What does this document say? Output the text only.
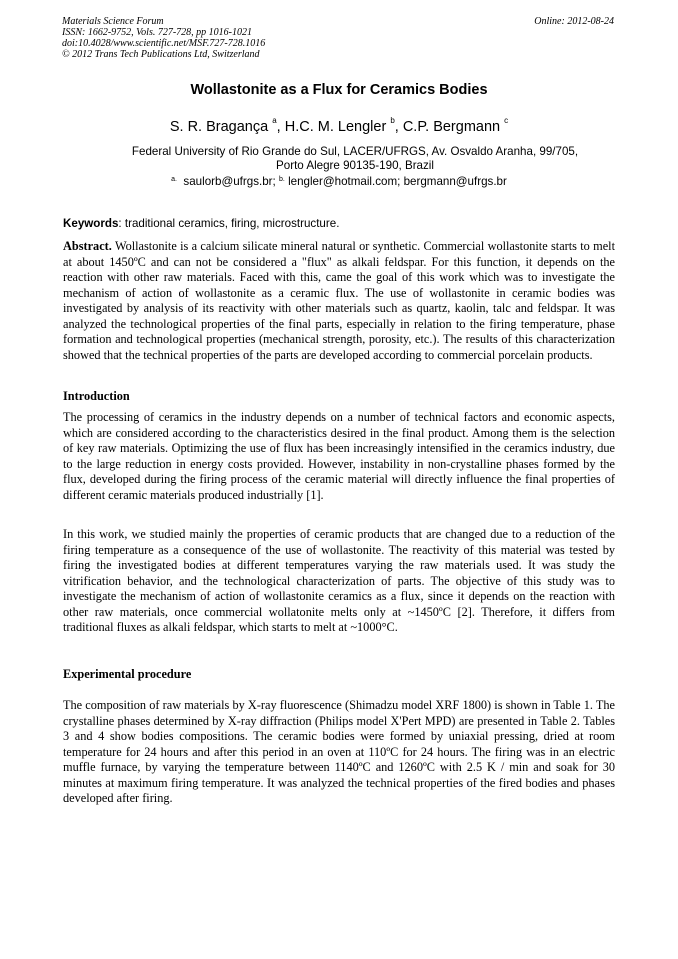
Materials Science Forum
ISSN: 1662-9752, Vols. 727-728, pp 1016-1021
doi:10.4028/www.scientific.net/MSF.727-728.1016
© 2012 Trans Tech Publications Ltd, Switzerland
Online: 2012-08-24
Wollastonite as a Flux for Ceramics Bodies
S. R. Bragança $^a$, H.C. M. Lengler $^b$, C.P. Bergmann $^c$
Federal University of Rio Grande do Sul, LACER/UFRGS, Av. Osvaldo Aranha, 99/705,
Porto Alegre 90135-190, Brazil
$^{a.}$ saulorb@ufrgs.br; $^{b.}$ lengler@hotmail.com; bergmann@ufrgs.br
Keywords: traditional ceramics, firing, microstructure.
Abstract. Wollastonite is a calcium silicate mineral natural or synthetic. Commercial wollastonite starts to melt at about 1450ºC and can not be considered a "flux" as alkali feldspar. For this function, it depends on the reaction with other raw materials. Faced with this, came the goal of this work which was to investigate the mechanism of action of wollastonite as a ceramic flux. The use of wollastonite in ceramic bodies was investigated by analysis of its reactivity with other materials such as quartz, kaolin, talc and feldspar. It was analyzed the technological properties of the final parts, especially in relation to the firing temperature, phase formation and technological properties (mechanical strength, porosity, etc.). The results of this characterization showed that the technical properties of the parts are developed according to commercial porcelain products.
Introduction
The processing of ceramics in the industry depends on a number of technical factors and economic aspects, which are considered according to the characteristics desired in the final product. Among them is the selection of key raw materials. Optimizing the use of flux has been increasingly intensified in the ceramics industry, due to the large reduction in energy costs provided. However, instability in non-crystalline phases formed by the flux, developed during the firing process of the ceramic material will directly influence the final properties of different ceramic materials produced industrially [1].
In this work, we studied mainly the properties of ceramic products that are changed due to a reduction of the firing temperature as a consequence of the use of wollastonite. The reactivity of this material was tested by firing the investigated bodies at different temperatures varying the raw materials used. It was study the vitrification behavior, and the technological characterization of parts. The objective of this study was to investigate the mechanism of action of wollastonite ceramics as a flux, since it depends on the reaction with other raw materials, once commercial wollatonite melts only at ~1450ºC [2]. Therefore, it differs from traditional fluxes as alkali feldspar, which starts to melt at ~1000°C.
Experimental procedure
The composition of raw materials by X-ray fluorescence (Shimadzu model XRF 1800) is shown in Table 1. The crystalline phases determined by X-ray diffraction (Philips model X'Pert MPD) are presented in Table 2. Tables 3 and 4 show bodies compositions. The ceramic bodies were formed by uniaxial pressing, dried at room temperature for 24 hours and after this period in an oven at 110ºC for 24 hours. The firing was in an electric muffle furnace, by varying the temperature between 1140ºC and 1260ºC with 2.5 K / min and soak for 30 minutes at maximum firing temperature. It was analyzed the technical properties of the fired bodies and phases developed after firing.
